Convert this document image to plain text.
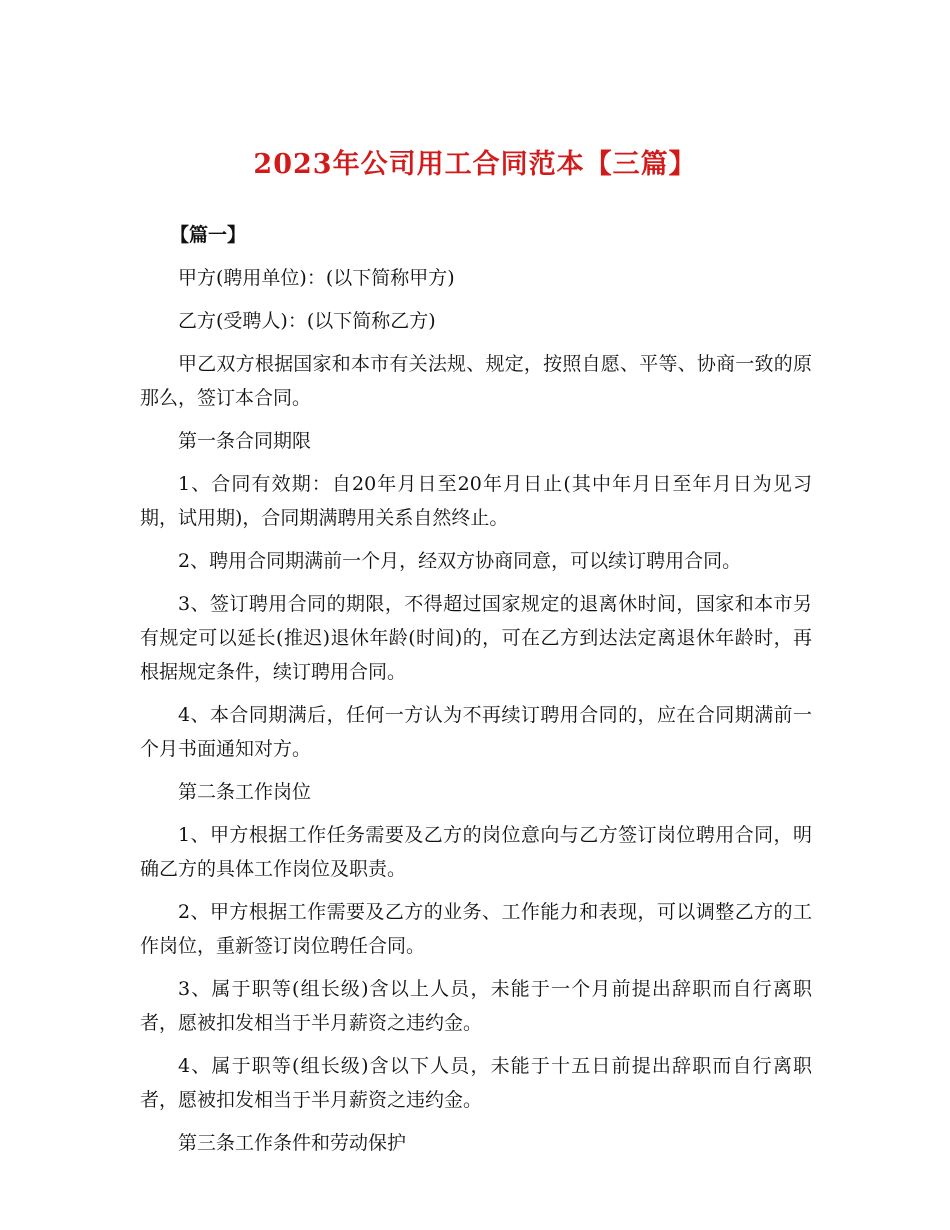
2023年公司用工合同范本【三篇】

【篇一】

甲方(聘用单位)：(以下简称甲方)

乙方(受聘人)：(以下简称乙方)

甲乙双方根据国家和本市有关法规、规定，按照自愿、平等、协商一致的原那么，签订本合同。

第一条合同期限

1、合同有效期：自20年月日至20年月日止(其中年月日至年月日为见习期，试用期)，合同期满聘用关系自然终止。

2、聘用合同期满前一个月，经双方协商同意，可以续订聘用合同。

3、签订聘用合同的期限，不得超过国家规定的退离休时间，国家和本市另有规定可以延长(推迟)退休年龄(时间)的，可在乙方到达法定离退休年龄时，再根据规定条件，续订聘用合同。

4、本合同期满后，任何一方认为不再续订聘用合同的，应在合同期满前一个月书面通知对方。

第二条工作岗位

1、甲方根据工作任务需要及乙方的岗位意向与乙方签订岗位聘用合同，明确乙方的具体工作岗位及职责。

2、甲方根据工作需要及乙方的业务、工作能力和表现，可以调整乙方的工作岗位，重新签订岗位聘任合同。

3、属于职等(组长级)含以上人员，未能于一个月前提出辞职而自行离职者，愿被扣发相当于半月薪资之违约金。

4、属于职等(组长级)含以下人员，未能于十五日前提出辞职而自行离职者，愿被扣发相当于半月薪资之违约金。

第三条工作条件和劳动保护
